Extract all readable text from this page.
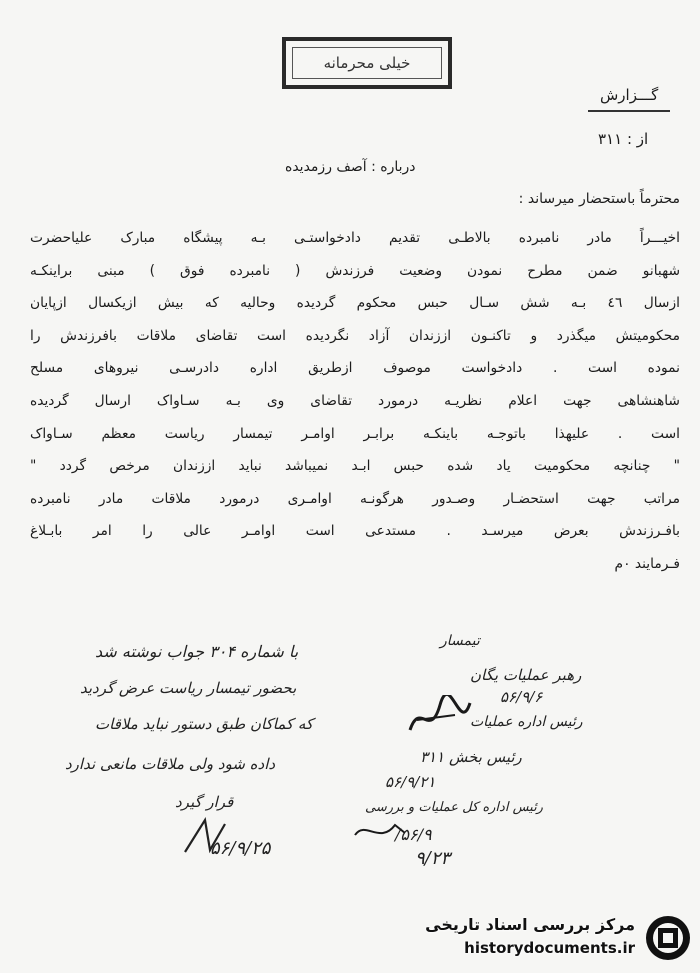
خیلی محرمانه
گـــزارش
از : ۳۱۱
درباره : آصف رزمدیده
محترماً باستحضار میرساند :
اخیـــراً مادر نامبرده بالاطـی تقدیم دادخواستـی بـه پیشگاه مبارک علیاحضرت
شهبانو ضمن مطرح نمودن وضعیت فرزندش ( نامبرده فوق ) مبنی براینکـه
ازسال ٤٦ بـه شش سـال حبس محکوم گردیده وحالیه که بیش ازیکسال ازپایان
محکومیتش میگذرد و تاکنـون اززندان آزاد نگردیده است تقاضای ملاقات بافرزندش را
نموده است . دادخواست موصوف ازطریق اداره دادرسـی نیروهای مسلح
شاهنشاهی جهت اعلام نظریـه درمورد تقاضای وی بـه سـاواک ارسال گردیده
است . علیهذا باتوجـه باینکـه برابـر اوامـر تیمسار ریاست معظم سـاواک
" چنانچه محکومیت یاد شده حبس ابـد نمیباشد نباید اززندان مرخص گردد "
مراتب جهت استحضـار وصـدور هرگونـه اوامـری درمورد ملاقات مادر نامبرده
بافـرزندش بعرض میرسـد . مستدعی است اوامـر عالی را امر بابـلاغ
فـرمایند ٠م
با شماره ۳۰۴ جواب نوشته شد
بحضور تیمسار ریاست عرض گردید
که کماکان طبق دستور نباید ملاقات
داده شود ولی ملاقات مانعی ندارد
قرار گیرد
۵۶/۹/۲۵
تیمسار
رهبر عملیات یگان
۵۶/۹/۶
رئیس اداره عملیات
رئیس بخش ۳۱۱
۵۶/۹/۲۱
رئیس اداره کل عملیات و بررسی
۵۶/۹/
۹/۲۳
مرکز بررسی اسناد تاریخی
historydocuments.ir
